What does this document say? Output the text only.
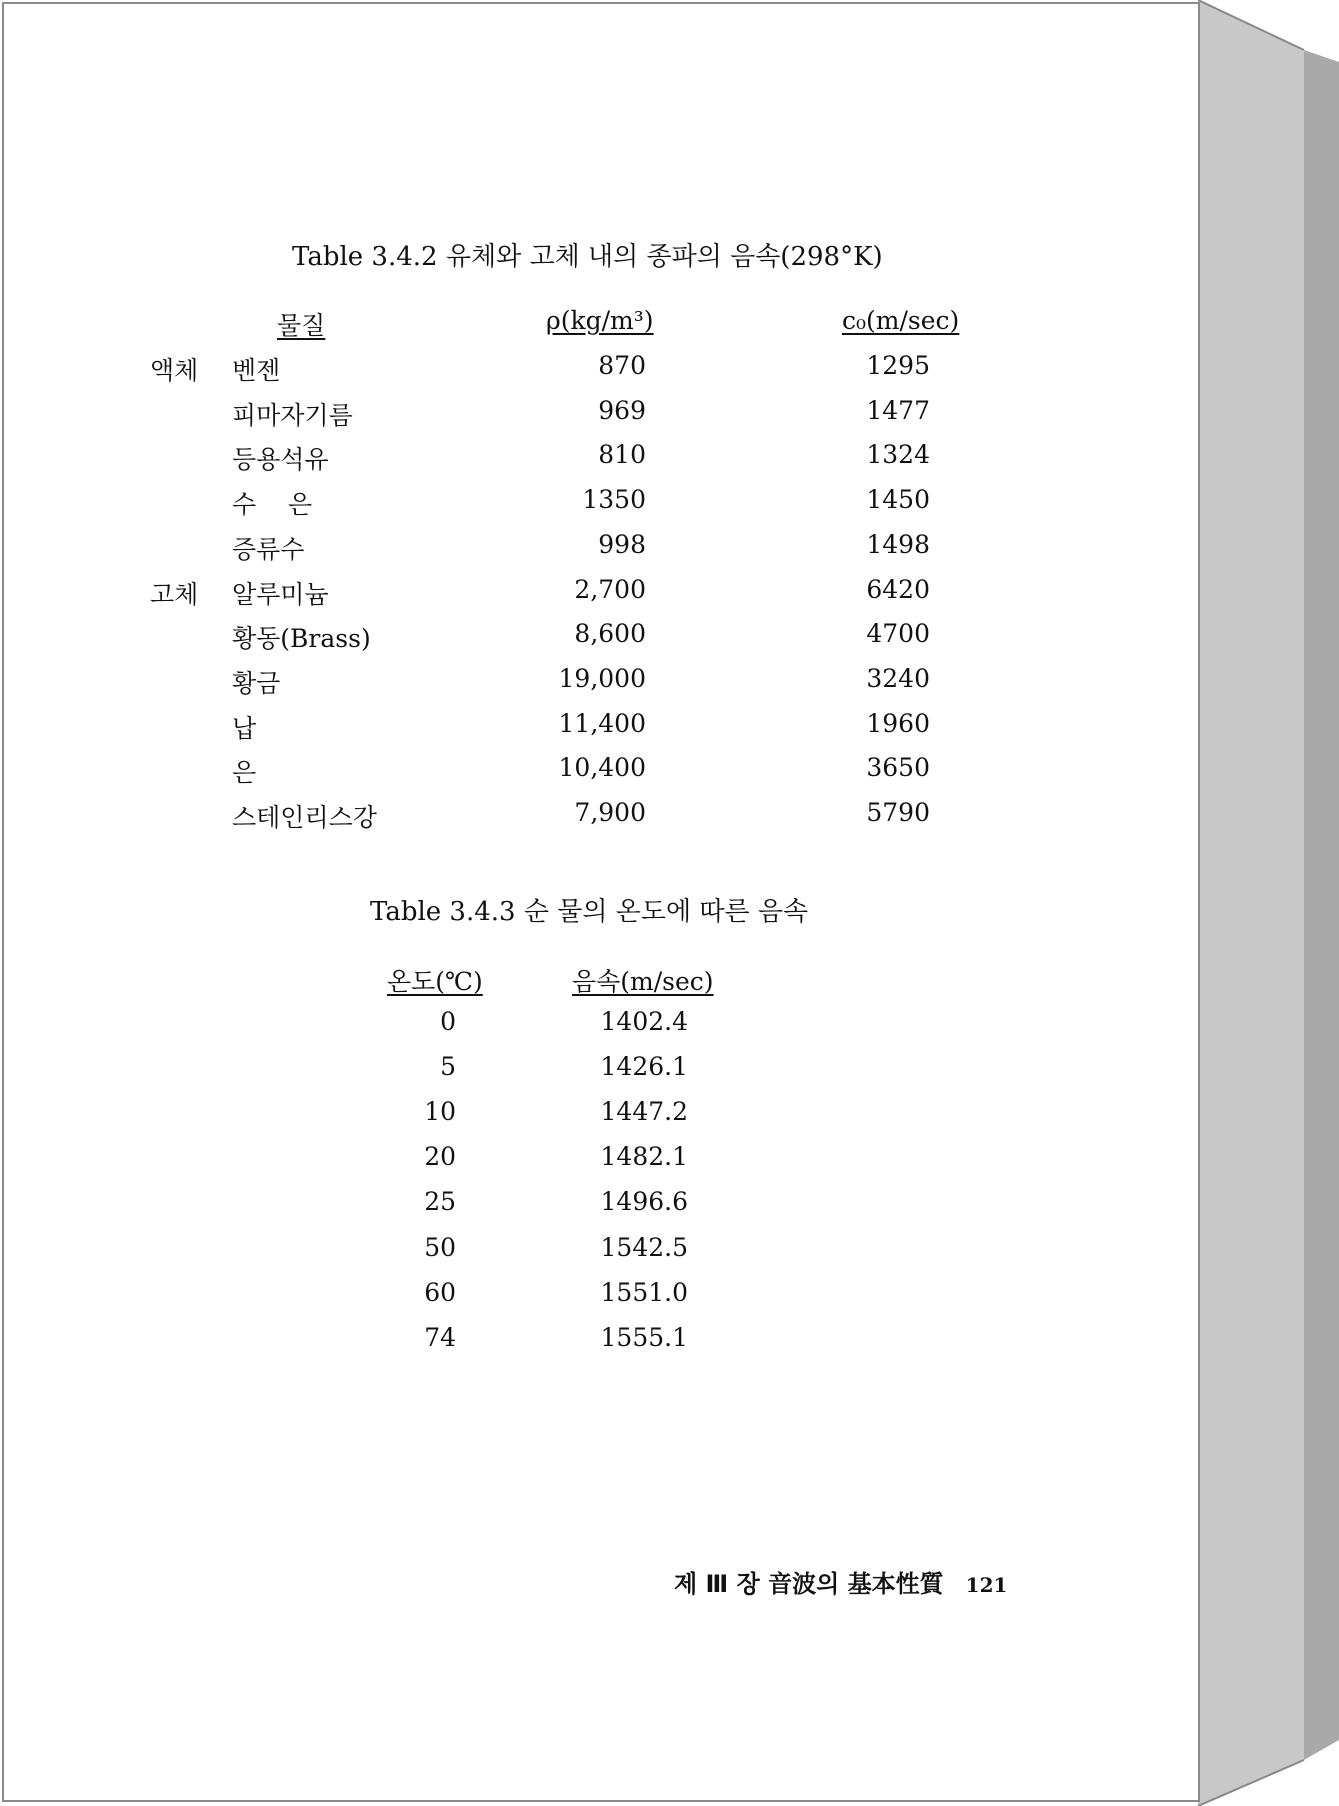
Table 3.4.2 유체와 고체 내의 종파의 음속(298°K)
물질	ρ(kg/m³)	c₀(m/sec)
액체 벤젠	870	1295
피마자기름	969	1477
등용석유	810	1324
수    은	1350	1450
증류수	998	1498
고체 알루미늄	2,700	6420
황동(Brass)	8,600	4700
황금	19,000	3240
납	11,400	1960
은	10,400	3650
스테인리스강	7,900	5790
Table 3.4.3 순 물의 온도에 따른 음속
온도(℃)	음속(m/sec)
0	1402.4
5	1426.1
10	1447.2
20	1482.1
25	1496.6
50	1542.5
60	1551.0
74	1555.1
제 Ⅲ 장 音波의 基本性質 121
